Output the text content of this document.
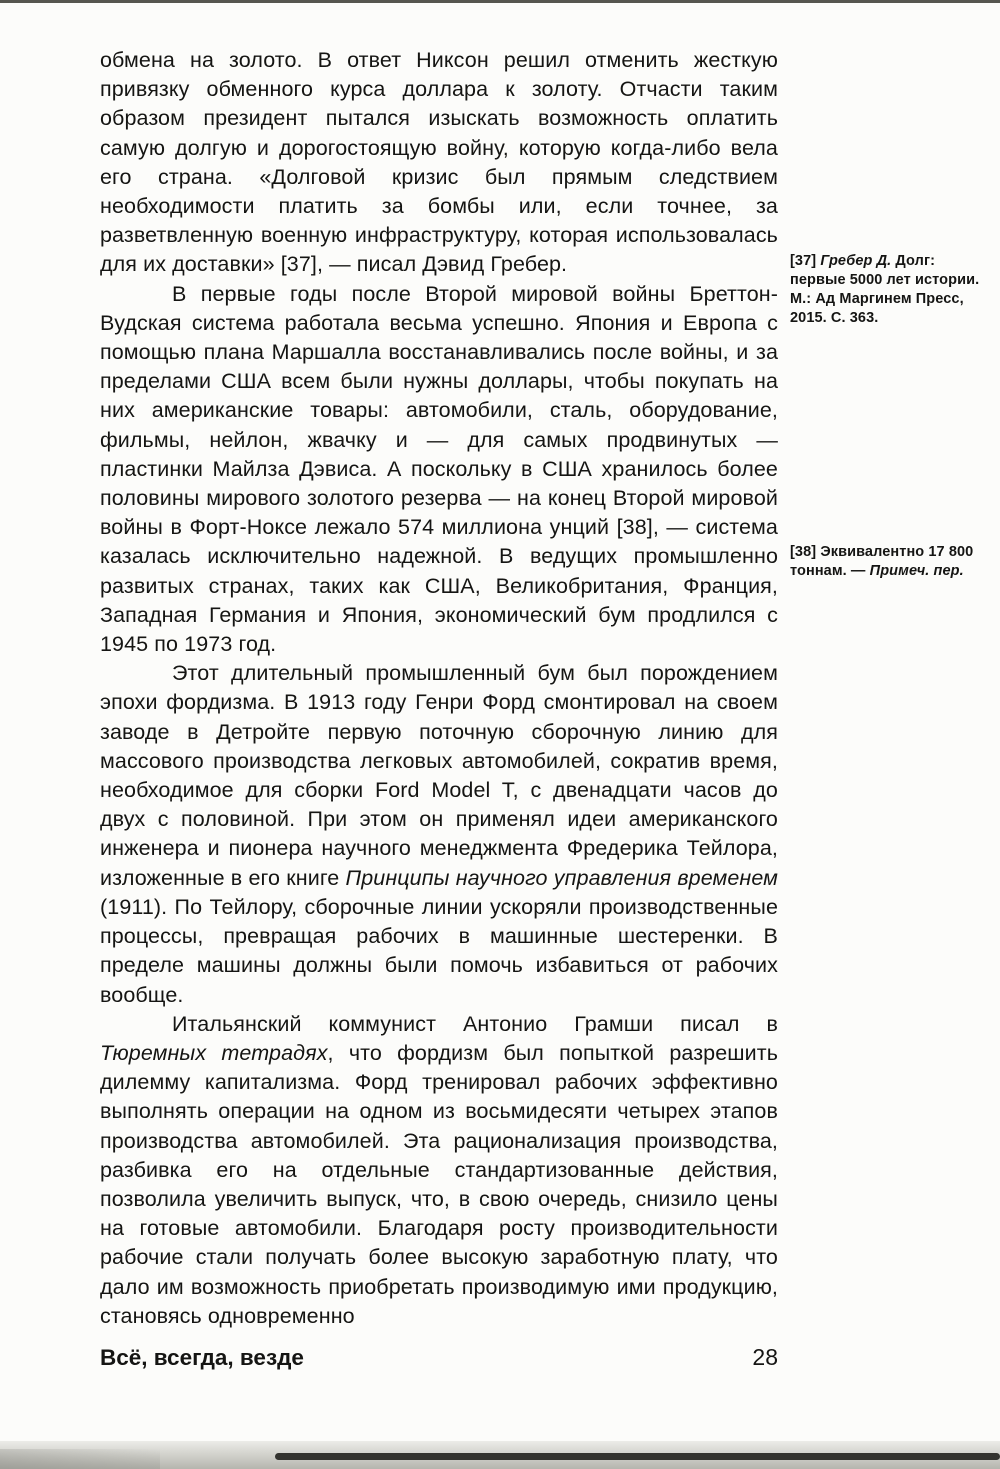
обмена на золото. В ответ Никсон решил отменить жесткую привязку обменного курса доллара к золоту. Отчасти таким образом президент пытался изыскать возможность оплатить самую долгую и дорогостоящую войну, которую когда-либо вела его страна. «Долговой кризис был прямым следствием необходимости платить за бомбы или, если точнее, за разветвленную военную инфраструктуру, которая использовалась для их доставки» [37], — писал Дэвид Гребер.

В первые годы после Второй мировой войны Бреттон-Вудская система работала весьма успешно. Япония и Европа с помощью плана Маршалла восстанавливались после войны, и за пределами США всем были нужны доллары, чтобы покупать на них американские товары: автомобили, сталь, оборудование, фильмы, нейлон, жвачку и — для самых продвинутых — пластинки Майлза Дэвиса. А поскольку в США хранилось более половины мирового золотого резерва — на конец Второй мировой войны в Форт-Ноксе лежало 574 миллиона унций [38], — система казалась исключительно надежной. В ведущих промышленно развитых странах, таких как США, Великобритания, Франция, Западная Германия и Япония, экономический бум продлился с 1945 по 1973 год.

Этот длительный промышленный бум был порождением эпохи фордизма. В 1913 году Генри Форд смонтировал на своем заводе в Детройте первую поточную сборочную линию для массового производства легковых автомобилей, сократив время, необходимое для сборки Ford Model T, с двенадцати часов до двух с половиной. При этом он применял идеи американского инженера и пионера научного менеджмента Фредерика Тейлора, изложенные в его книге Принципы научного управления временем (1911). По Тейлору, сборочные линии ускоряли производственные процессы, превращая рабочих в машинные шестеренки. В пределе машины должны были помочь избавиться от рабочих вообще.

Итальянский коммунист Антонио Грамши писал в Тюремных тетрадях, что фордизм был попыткой разрешить дилемму капитализма. Форд тренировал рабочих эффективно выполнять операции на одном из восьмидесяти четырех этапов производства автомобилей. Эта рационализация производства, разбивка его на отдельные стандартизованные действия, позволила увеличить выпуск, что, в свою очередь, снизило цены на готовые автомобили. Благодаря росту производительности рабочие стали получать более высокую заработную плату, что дало им возможность приобретать производимую ими продукцию, становясь одновременно

[37] Гребер Д. Долг: первые 5000 лет истории. М.: Ад Маргинем Пресс, 2015. С. 363.
[38] Эквивалентно 17 800 тоннам. — Примеч. пер.
Всё, всегда, везде	28
